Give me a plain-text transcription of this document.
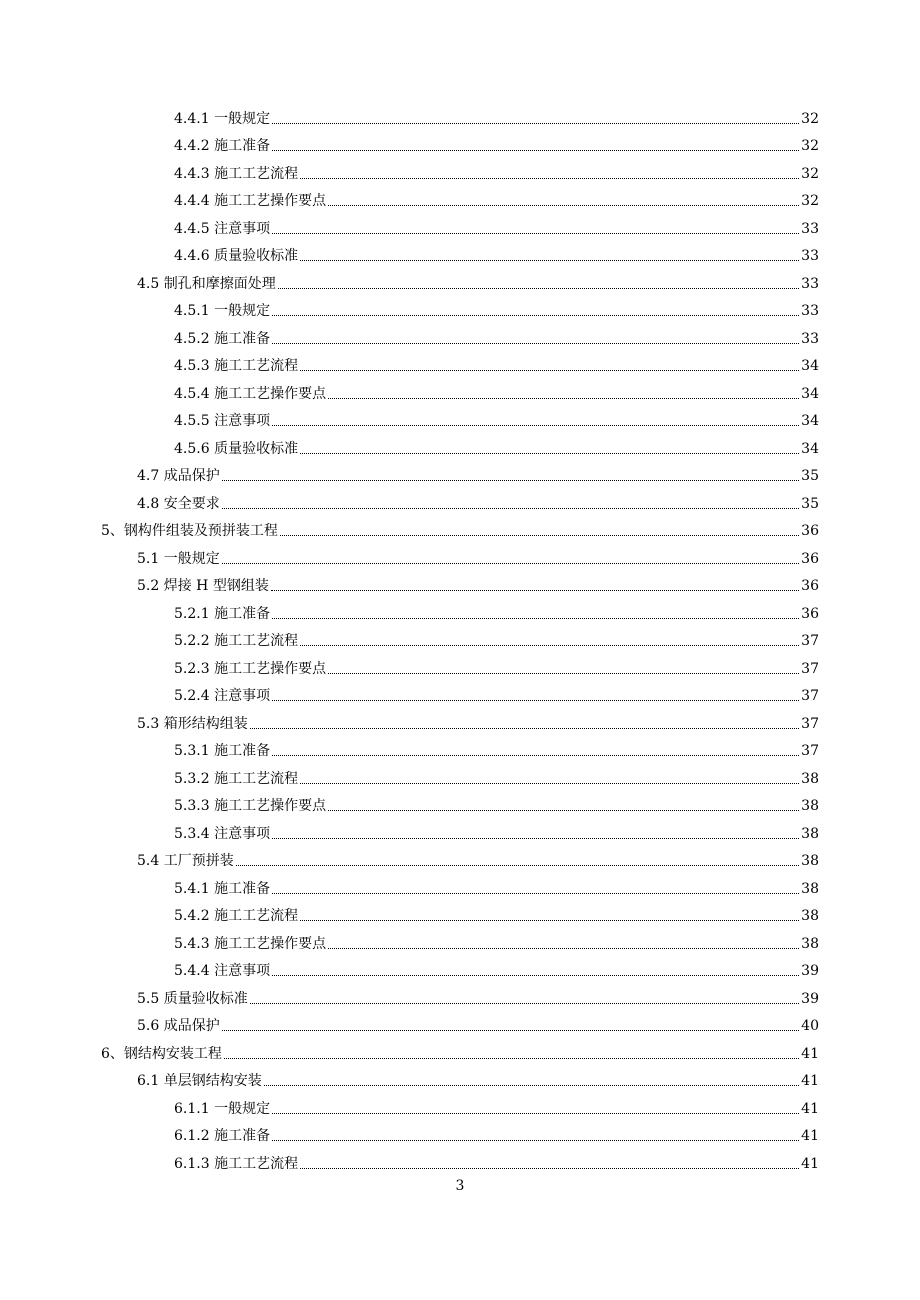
4.4.1 一般规定	32
4.4.2 施工准备	32
4.4.3 施工工艺流程	32
4.4.4 施工工艺操作要点	32
4.4.5 注意事项	33
4.4.6 质量验收标准	33
4.5 制孔和摩擦面处理	33
4.5.1 一般规定	33
4.5.2 施工准备	33
4.5.3 施工工艺流程	34
4.5.4 施工工艺操作要点	34
4.5.5 注意事项	34
4.5.6 质量验收标准	34
4.7 成品保护	35
4.8 安全要求	35
5、钢构件组装及预拼装工程	36
5.1 一般规定	36
5.2 焊接 H 型钢组装	36
5.2.1 施工准备	36
5.2.2 施工工艺流程	37
5.2.3 施工工艺操作要点	37
5.2.4 注意事项	37
5.3 箱形结构组装	37
5.3.1 施工准备	37
5.3.2 施工工艺流程	38
5.3.3 施工工艺操作要点	38
5.3.4 注意事项	38
5.4 工厂预拼装	38
5.4.1 施工准备	38
5.4.2 施工工艺流程	38
5.4.3 施工工艺操作要点	38
5.4.4 注意事项	39
5.5 质量验收标准	39
5.6 成品保护	40
6、钢结构安装工程	41
6.1 单层钢结构安装	41
6.1.1 一般规定	41
6.1.2 施工准备	41
6.1.3 施工工艺流程	41
3
